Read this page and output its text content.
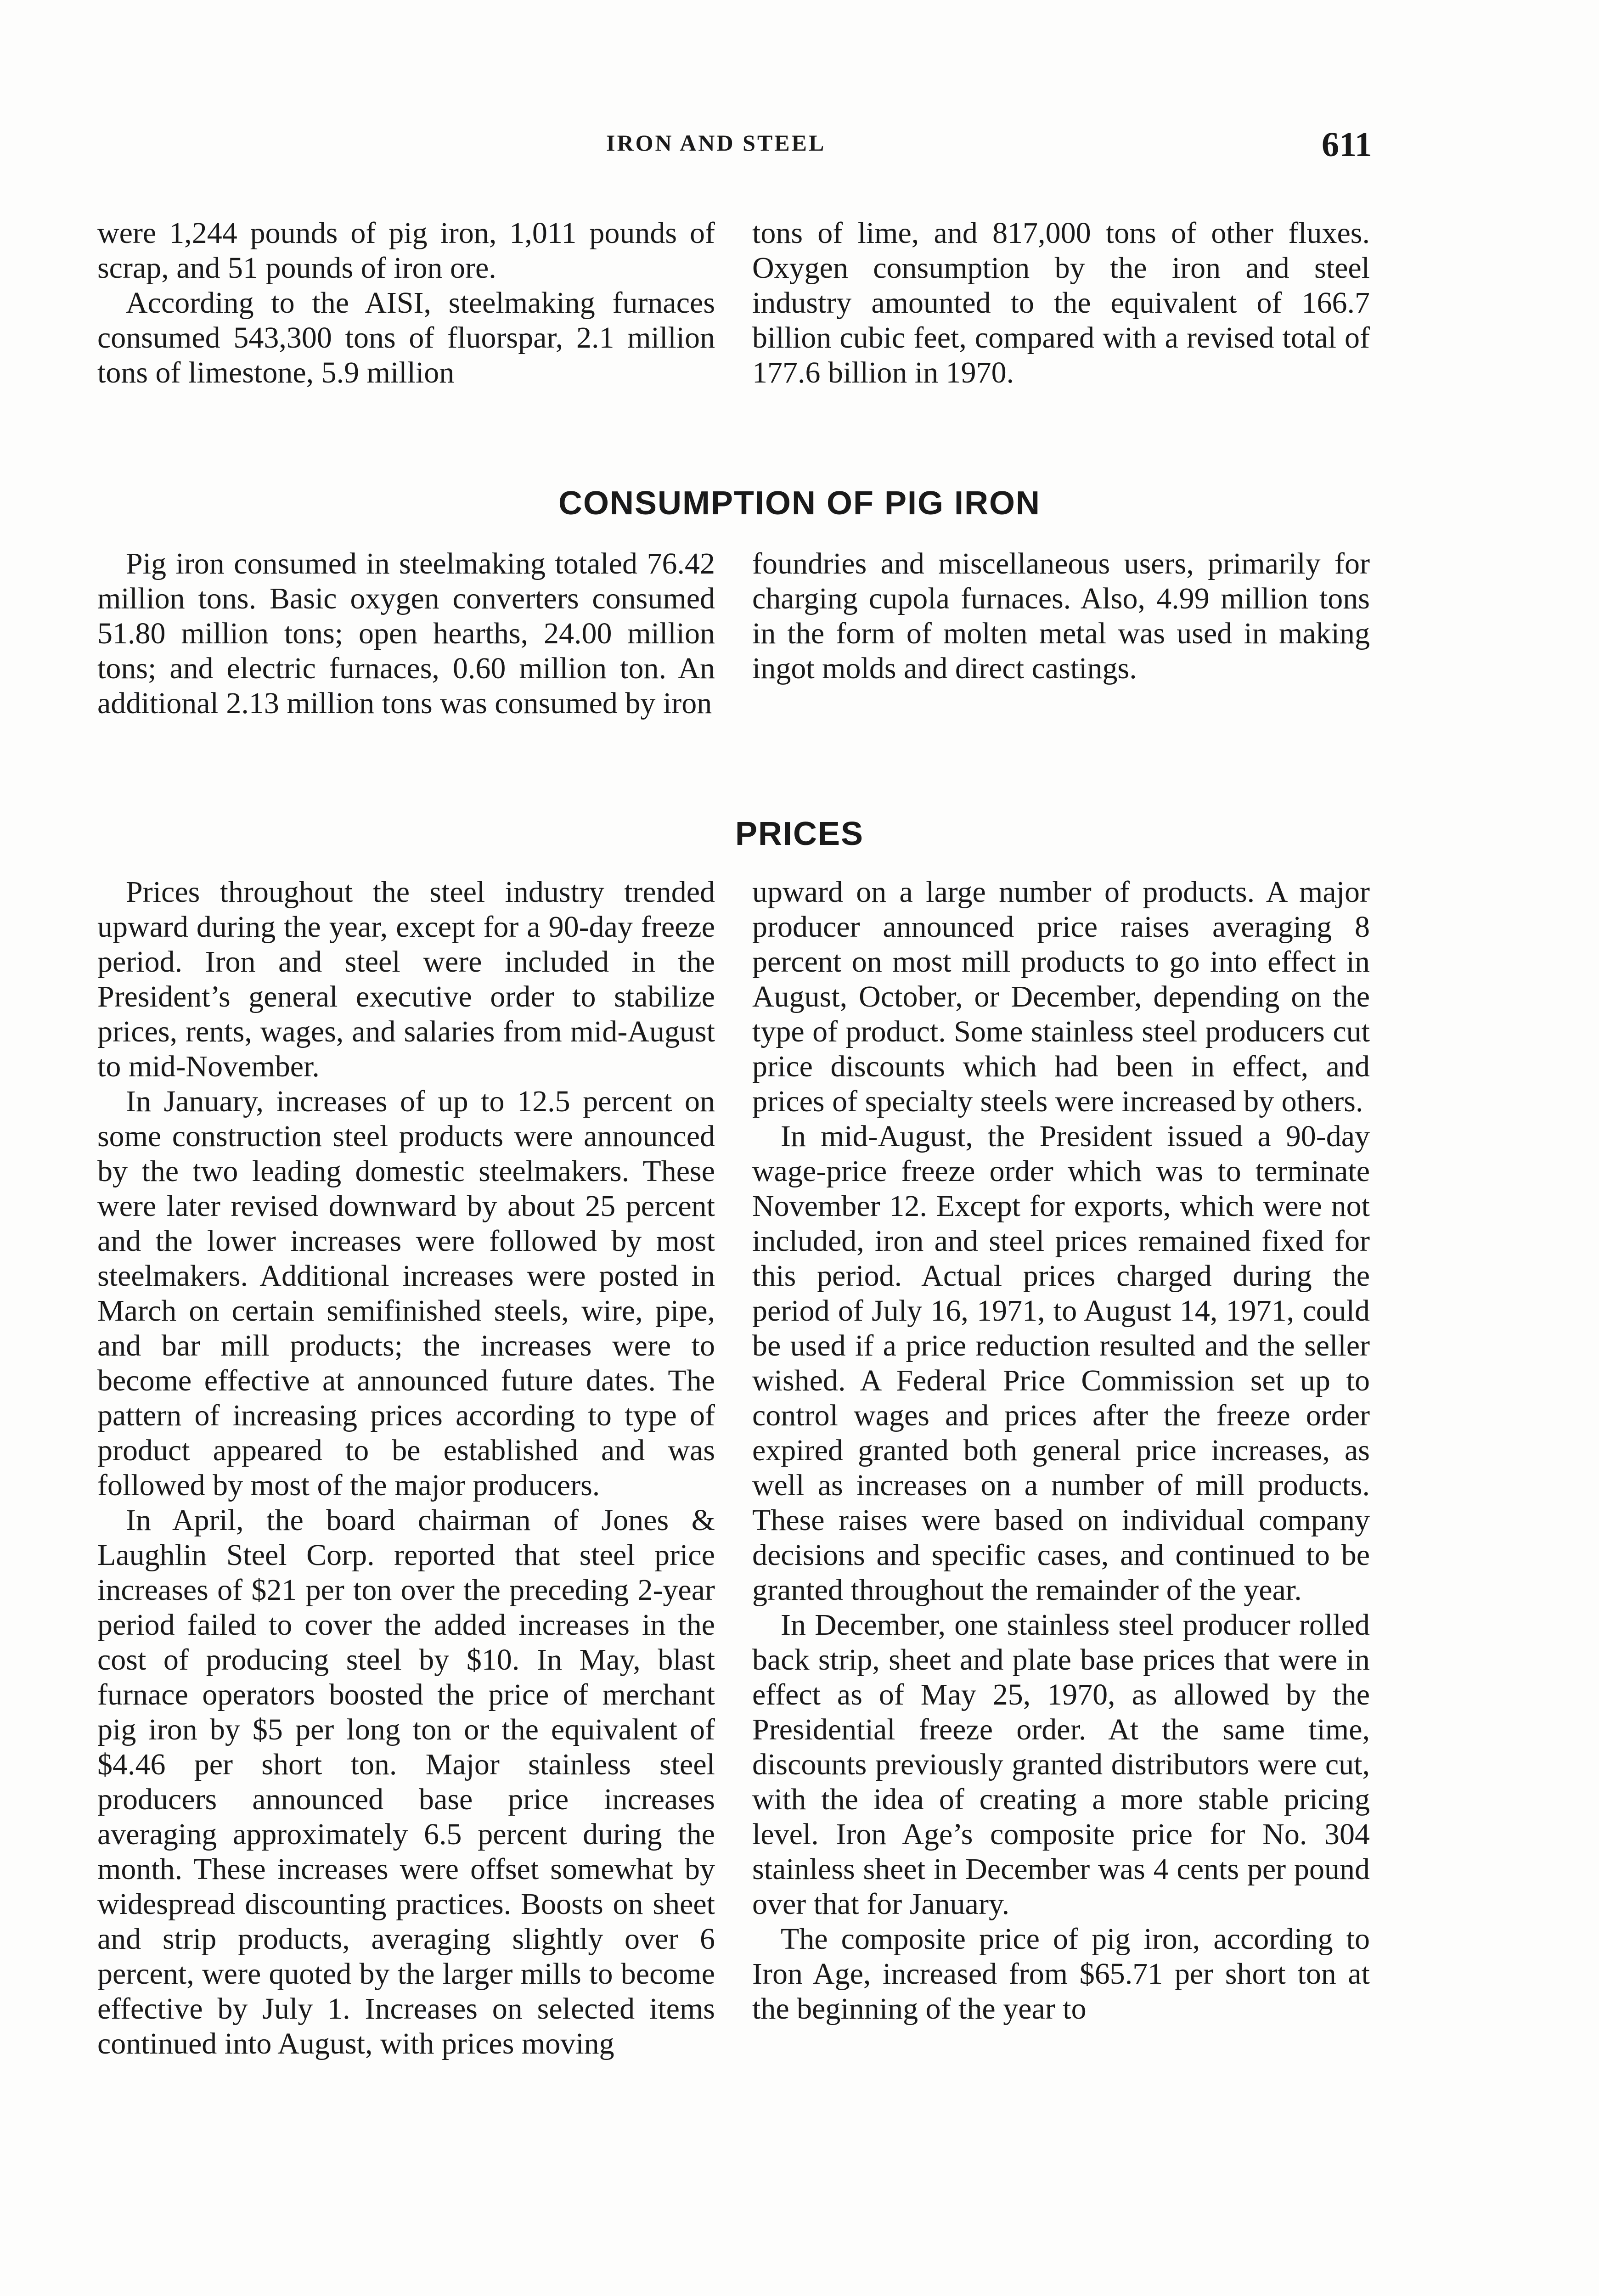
IRON AND STEEL	611

were 1,244 pounds of pig iron, 1,011 pounds of scrap, and 51 pounds of iron ore.

According to the AISI, steelmaking furnaces consumed 543,300 tons of fluorspar, 2.1 million tons of limestone, 5.9 million

tons of lime, and 817,000 tons of other fluxes. Oxygen consumption by the iron and steel industry amounted to the equivalent of 166.7 billion cubic feet, compared with a revised total of 177.6 billion in 1970.

CONSUMPTION OF PIG IRON

Pig iron consumed in steelmaking totaled 76.42 million tons. Basic oxygen converters consumed 51.80 million tons; open hearths, 24.00 million tons; and electric furnaces, 0.60 million ton. An additional 2.13 million tons was consumed by iron

foundries and miscellaneous users, primarily for charging cupola furnaces. Also, 4.99 million tons in the form of molten metal was used in making ingot molds and direct castings.

PRICES

Prices throughout the steel industry trended upward during the year, except for a 90-day freeze period. Iron and steel were included in the President’s general executive order to stabilize prices, rents, wages, and salaries from mid-August to mid-November.

In January, increases of up to 12.5 percent on some construction steel products were announced by the two leading domestic steelmakers. These were later revised downward by about 25 percent and the lower increases were followed by most steelmakers. Additional increases were posted in March on certain semifinished steels, wire, pipe, and bar mill products; the increases were to become effective at announced future dates. The pattern of increasing prices according to type of product appeared to be established and was followed by most of the major producers.

In April, the board chairman of Jones & Laughlin Steel Corp. reported that steel price increases of $21 per ton over the preceding 2-year period failed to cover the added increases in the cost of producing steel by $10. In May, blast furnace operators boosted the price of merchant pig iron by $5 per long ton or the equivalent of $4.46 per short ton. Major stainless steel producers announced base price increases averaging approximately 6.5 percent during the month. These increases were offset somewhat by widespread discounting practices. Boosts on sheet and strip products, averaging slightly over 6 percent, were quoted by the larger mills to become effective by July 1. Increases on selected items continued into August, with prices moving

upward on a large number of products. A major producer announced price raises averaging 8 percent on most mill products to go into effect in August, October, or December, depending on the type of product. Some stainless steel producers cut price discounts which had been in effect, and prices of specialty steels were increased by others.

In mid-August, the President issued a 90-day wage-price freeze order which was to terminate November 12. Except for exports, which were not included, iron and steel prices remained fixed for this period. Actual prices charged during the period of July 16, 1971, to August 14, 1971, could be used if a price reduction resulted and the seller wished. A Federal Price Commission set up to control wages and prices after the freeze order expired granted both general price increases, as well as increases on a number of mill products. These raises were based on individual company decisions and specific cases, and continued to be granted throughout the remainder of the year.

In December, one stainless steel producer rolled back strip, sheet and plate base prices that were in effect as of May 25, 1970, as allowed by the Presidential freeze order. At the same time, discounts previously granted distributors were cut, with the idea of creating a more stable pricing level. Iron Age’s composite price for No. 304 stainless sheet in December was 4 cents per pound over that for January.

The composite price of pig iron, according to Iron Age, increased from $65.71 per short ton at the beginning of the year to
